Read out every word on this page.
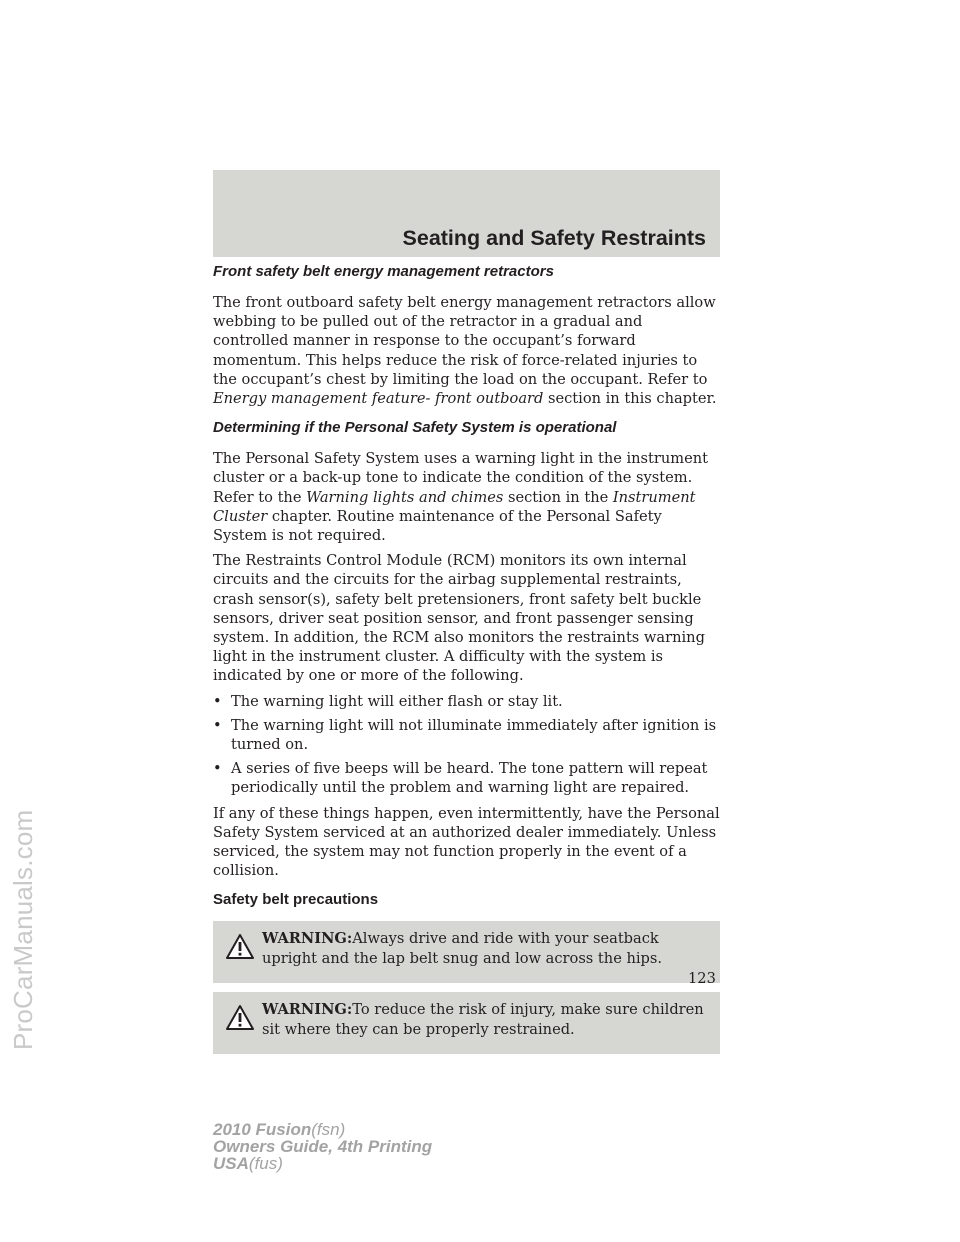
ProCarManuals.com
Seating and Safety Restraints
Front safety belt energy management retractors

The front outboard safety belt energy management retractors allow webbing to be pulled out of the retractor in a gradual and controlled manner in response to the occupant’s forward momentum. This helps reduce the risk of force-related injuries to the occupant’s chest by limiting the load on the occupant. Refer to Energy management feature- front outboard section in this chapter.

Determining if the Personal Safety System is operational

The Personal Safety System uses a warning light in the instrument cluster or a back-up tone to indicate the condition of the system. Refer to the Warning lights and chimes section in the Instrument Cluster chapter. Routine maintenance of the Personal Safety System is not required.

The Restraints Control Module (RCM) monitors its own internal circuits and the circuits for the airbag supplemental restraints, crash sensor(s), safety belt pretensioners, front safety belt buckle sensors, driver seat position sensor, and front passenger sensing system. In addition, the RCM also monitors the restraints warning light in the instrument cluster. A difficulty with the system is indicated by one or more of the following.

• The warning light will either flash or stay lit.
• The warning light will not illuminate immediately after ignition is turned on.
• A series of five beeps will be heard. The tone pattern will repeat periodically until the problem and warning light are repaired.

If any of these things happen, even intermittently, have the Personal Safety System serviced at an authorized dealer immediately. Unless serviced, the system may not function properly in the event of a collision.

Safety belt precautions
WARNING:Always drive and ride with your seatback upright and the lap belt snug and low across the hips.
WARNING:To reduce the risk of injury, make sure children sit where they can be properly restrained.
123
2010 Fusion(fsn)
Owners Guide, 4th Printing
USA(fus)
